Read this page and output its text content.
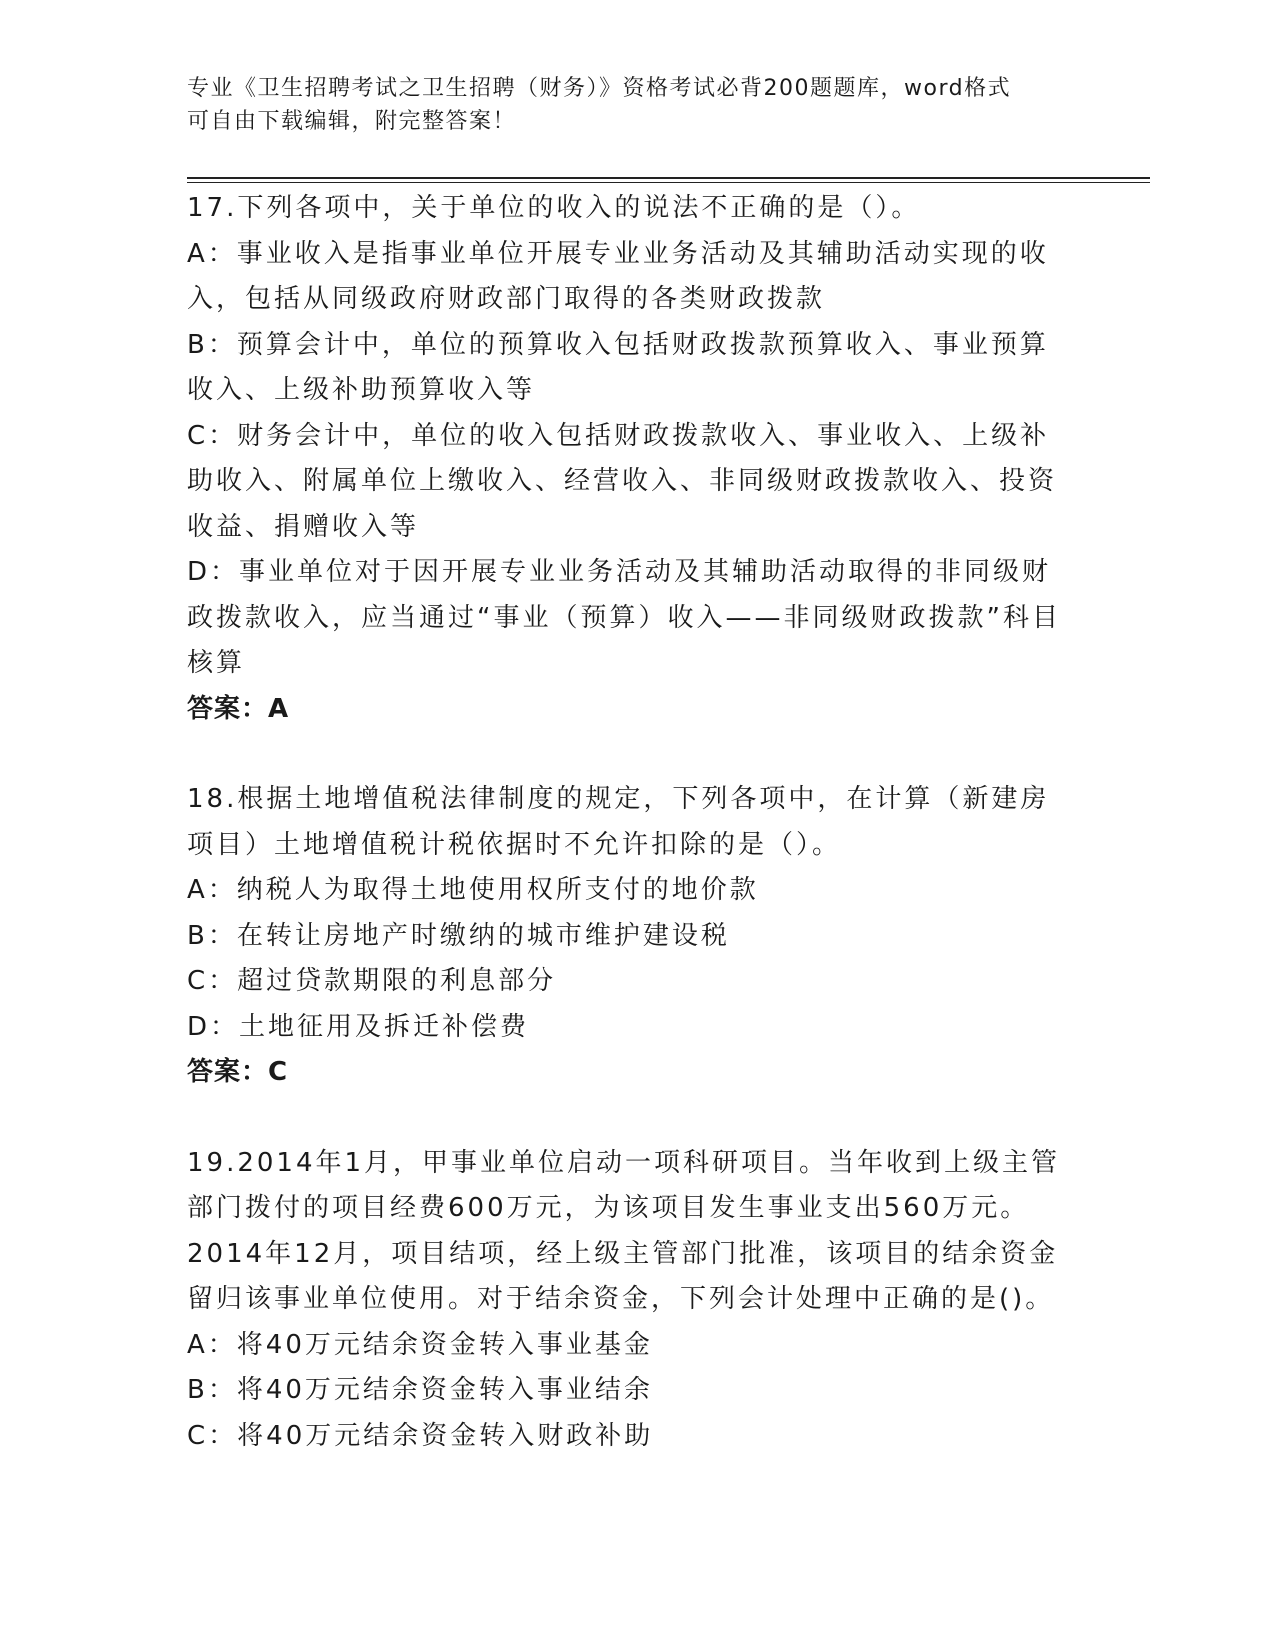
专业《卫生招聘考试之卫生招聘（财务）》资格考试必背200题题库，word格式
可自由下载编辑，附完整答案！

17.下列各项中，关于单位的收入的说法不正确的是（）。

A：事业收入是指事业单位开展专业业务活动及其辅助活动实现的收入，包括从同级政府财政部门取得的各类财政拨款

B：预算会计中，单位的预算收入包括财政拨款预算收入、事业预算收入、上级补助预算收入等

C：财务会计中，单位的收入包括财政拨款收入、事业收入、上级补助收入、附属单位上缴收入、经营收入、非同级财政拨款收入、投资收益、捐赠收入等

D：事业单位对于因开展专业业务活动及其辅助活动取得的非同级财政拨款收入，应当通过“事业（预算）收入——非同级财政拨款”科目核算

答案：A

18.根据土地增值税法律制度的规定，下列各项中，在计算（新建房项目）土地增值税计税依据时不允许扣除的是（）。

A：纳税人为取得土地使用权所支付的地价款

B：在转让房地产时缴纳的城市维护建设税

C：超过贷款期限的利息部分

D：土地征用及拆迁补偿费

答案：C

19.2014年1月，甲事业单位启动一项科研项目。当年收到上级主管部门拨付的项目经费600万元，为该项目发生事业支出560万元。2014年12月，项目结项，经上级主管部门批准，该项目的结余资金留归该事业单位使用。对于结余资金，下列会计处理中正确的是()。

A：将40万元结余资金转入事业基金

B：将40万元结余资金转入事业结余

C：将40万元结余资金转入财政补助
